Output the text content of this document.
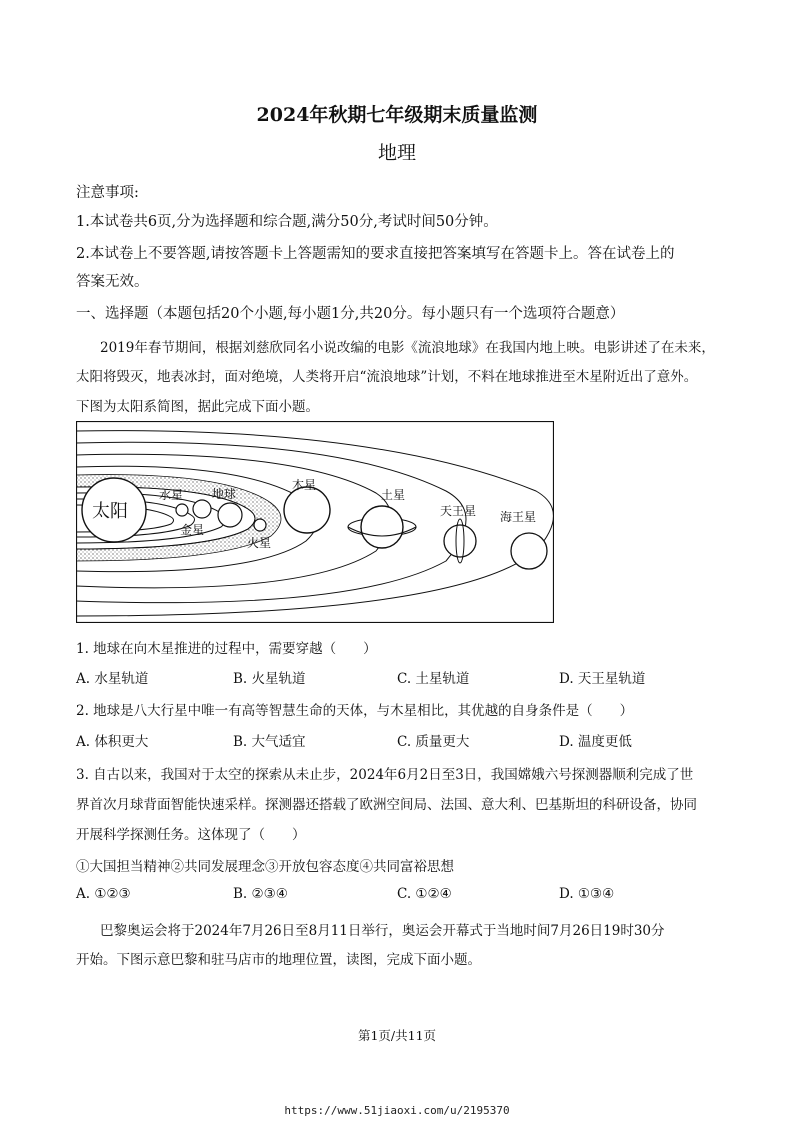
2024年秋期七年级期末质量监测
地理
注意事项:
1.本试卷共6页,分为选择题和综合题,满分50分,考试时间50分钟。
2.本试卷上不要答题,请按答题卡上答题需知的要求直接把答案填写在答题卡上。答在试卷上的
答案无效。
一、选择题（本题包括20个小题,每小题1分,共20分。每小题只有一个选项符合题意）
2019年春节期间，根据刘慈欣同名小说改编的电影《流浪地球》在我国内地上映。电影讲述了在未来，
太阳将毁灭，地表冰封，面对绝境，人类将开启“流浪地球”计划，不料在地球推进至木星附近出了意外。
下图为太阳系简图，据此完成下面小题。
太阳
水星
金星
地球
火星
木星
土星
天王星 海王星
1. 地球在向木星推进的过程中，需要穿越（　　）
A. 水星轨道	B. 火星轨道	C. 土星轨道	D. 天王星轨道
2. 地球是八大行星中唯一有高等智慧生命的天体，与木星相比，其优越的自身条件是（　　）
A. 体积更大	B. 大气适宜	C. 质量更大	D. 温度更低
3. 自古以来，我国对于太空的探索从未止步，2024年6月2日至3日，我国嫦娥六号探测器顺利完成了世
界首次月球背面智能快速采样。探测器还搭载了欧洲空间局、法国、意大利、巴基斯坦的科研设备，协同
开展科学探测任务。这体现了（　　）
①大国担当精神②共同发展理念③开放包容态度④共同富裕思想
A. ①②③	B. ②③④	C. ①②④	D. ①③④
巴黎奥运会将于2024年7月26日至8月11日举行，奥运会开幕式于当地时间7月26日19时30分
开始。下图示意巴黎和驻马店市的地理位置，读图，完成下面小题。
第1页/共11页
https://www.51jiaoxi.com/u/2195370
